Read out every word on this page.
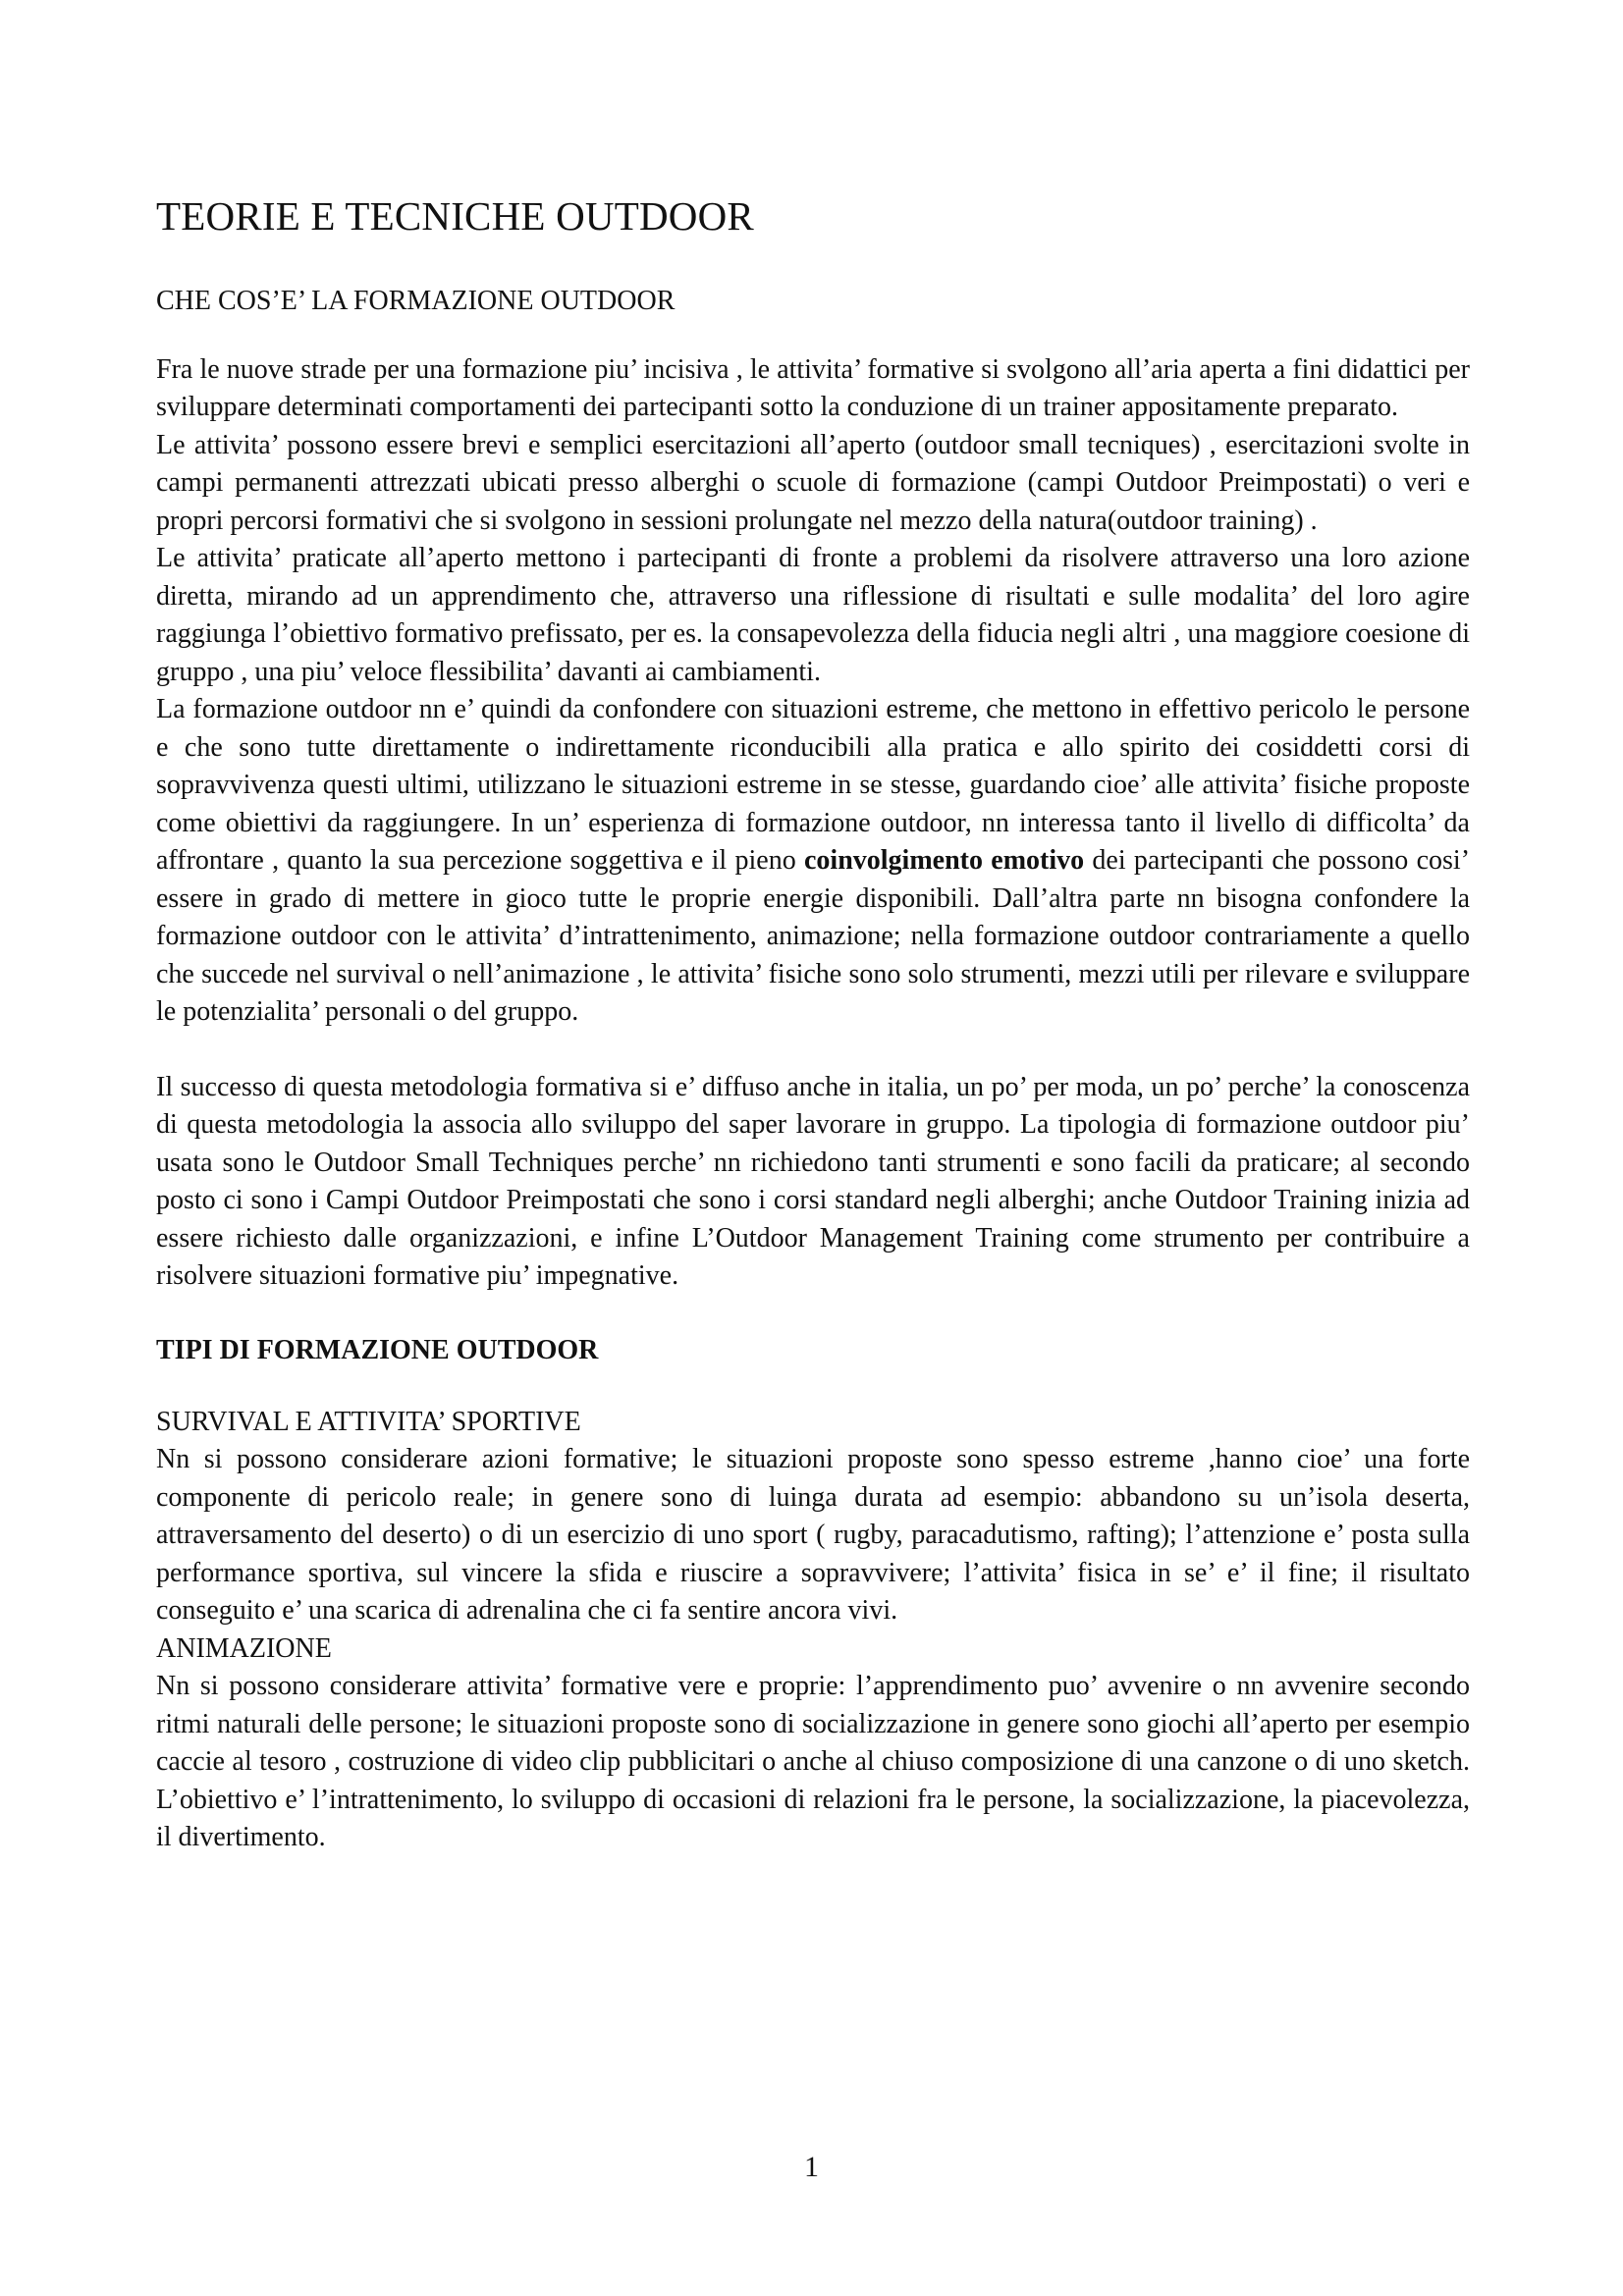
TEORIE E TECNICHE OUTDOOR
CHE COS’E’ LA FORMAZIONE OUTDOOR

Fra le nuove strade per una formazione piu’ incisiva , le attivita’ formative si svolgono all’aria aperta a fini didattici per sviluppare determinati comportamenti dei partecipanti sotto la conduzione di un trainer appositamente preparato.

Le attivita’ possono essere brevi e semplici esercitazioni all’aperto (outdoor small tecniques) , esercitazioni svolte in campi permanenti attrezzati ubicati presso alberghi o scuole di formazione (campi Outdoor Preimpostati) o veri e propri percorsi formativi che si svolgono in sessioni prolungate nel mezzo della natura(outdoor training) .

Le attivita’ praticate all’aperto mettono i partecipanti di fronte a problemi da risolvere attraverso una loro azione diretta, mirando ad un apprendimento che, attraverso una riflessione di risultati e sulle modalita’ del loro agire raggiunga l’obiettivo formativo prefissato, per es. la consapevolezza della fiducia negli altri , una maggiore coesione di gruppo , una piu’ veloce flessibilita’ davanti ai cambiamenti.

La formazione outdoor nn e’ quindi da confondere con situazioni estreme, che mettono in effettivo pericolo le persone e che sono tutte direttamente o indirettamente riconducibili alla pratica e allo spirito dei cosiddetti corsi di sopravvivenza questi ultimi, utilizzano le situazioni estreme in se stesse, guardando cioe’ alle attivita’ fisiche proposte come obiettivi da raggiungere. In un’ esperienza di formazione outdoor, nn interessa tanto il livello di difficolta’ da affrontare , quanto la sua percezione soggettiva e il pieno coinvolgimento emotivo dei partecipanti che possono cosi’ essere in grado di mettere in gioco tutte le proprie energie disponibili. Dall’altra parte nn bisogna confondere la formazione outdoor con le attivita’ d’intrattenimento, animazione; nella formazione outdoor contrariamente a quello che succede nel survival o nell’animazione , le attivita’ fisiche sono solo strumenti, mezzi utili per rilevare e sviluppare le potenzialita’ personali o del gruppo.

Il successo di questa metodologia formativa si e’ diffuso anche in italia, un po’ per moda, un po’ perche’ la conoscenza di questa metodologia la associa allo sviluppo del saper lavorare in gruppo. La tipologia di formazione outdoor piu’ usata sono le Outdoor Small Techniques perche’ nn richiedono tanti strumenti e sono facili da praticare; al secondo posto ci sono i Campi Outdoor Preimpostati che sono i corsi standard negli alberghi; anche Outdoor Training inizia ad essere richiesto dalle organizzazioni, e infine L’Outdoor Management Training come strumento per contribuire a risolvere situazioni formative piu’ impegnative.

TIPI DI FORMAZIONE OUTDOOR
SURVIVAL E ATTIVITA’ SPORTIVE

Nn si possono considerare azioni formative; le situazioni proposte sono spesso estreme ,hanno cioe’ una forte componente di pericolo reale; in genere sono di luinga durata ad esempio: abbandono su un’isola deserta, attraversamento del deserto) o di un esercizio di uno sport ( rugby, paracadutismo, rafting); l’attenzione e’ posta sulla performance sportiva, sul vincere la sfida e riuscire a sopravvivere; l’attivita’ fisica in se’ e’ il fine; il risultato conseguito e’ una scarica di adrenalina che ci fa sentire ancora vivi.

ANIMAZIONE

Nn si possono considerare attivita’ formative vere e proprie: l’apprendimento puo’ avvenire o nn avvenire secondo ritmi naturali delle persone; le situazioni proposte sono di socializzazione in genere sono giochi all’aperto per esempio caccie al tesoro , costruzione di video clip pubblicitari o anche al chiuso composizione di una canzone o di uno sketch. L’obiettivo e’ l’intrattenimento, lo sviluppo di occasioni di relazioni fra le persone, la socializzazione, la piacevolezza, il divertimento.

1
